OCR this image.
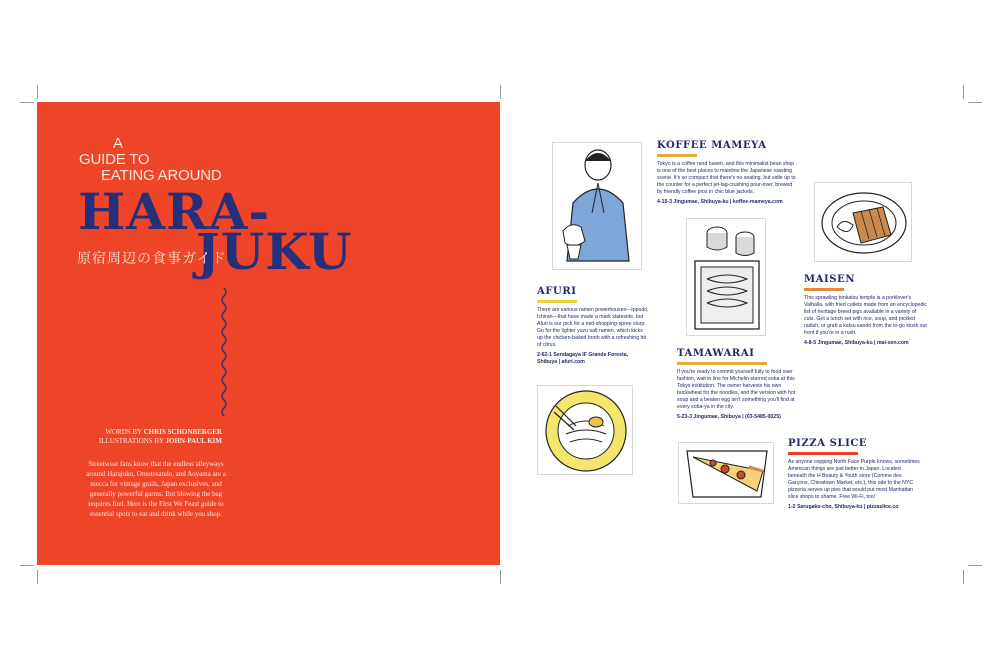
A
GUIDE TO
EATING AROUND
HARA-
JUKU
原宿周辺の食事ガイド
WORDS BY CHRIS SCHONBERGER
ILLUSTRATIONS BY JOHN-PAUL KIM
Streetwear fans know that the endless alleyways around Harajuku, Omotesando, and Aoyama are a mecca for vintage grails, Japan exclusives, and generally powerful garms. But blowing the bag requires fuel. Here is the First We Feast guide to essential spots to eat and drink while you shop.
KOFFEE MAMEYA

Tokyo is a coffee nerd haven, and this minimalist bean shop is one of the best places to mainline the Japanese roasting scene. It's so compact that there's no seating, but sidle up to the counter for a perfect jet-lag-crushing pour-over, brewed by friendly coffee pros in chic blue jackets.

4-15-3 Jingumae, Shibuya-ku | koffee-mameya.com
AFURI

There are various ramen powerhouses—Ippudo, Ichiran—that have made a mark stateside, but Afuri is our pick for a mid-shopping-spree slurp. Go for the lighter yuzu salt ramen, which kicks up the chicken-based broth with a refreshing hit of citrus.

2-62-1 Sendagaya IF Grande Foresta, Shibuya | afuri.com
MAISEN

This sprawling tonkatsu temple is a porklover's Valhalla, with fried cutlets made from an encyclopedic list of heritage breed pigs available in a variety of cuts. Get a lunch set with rice, soup, and pickled radish, or grab a katsu sando from the to-go kiosk out front if you're in a rush.

4-8-5 Jingumae, Shibuya-ku | mai-sen.com
TAMAWARAI

If you're ready to commit yourself fully to food over fashion, wait in line for Michelin-starred soba at this Tokyo institution. The owner harvests his own buckwheat for the noodles, and the version with hot soup and a beaten egg isn't something you'll find at every soba-ya in the city.

5-23-3 Jingumae, Shibuya | (03-5485-0025)
PIZZA SLICE

As anyone copping North Face Purple knows, sometimes American things are just better in Japan. Located beneath the H Beauty & Youth store (Comme des Garçons, Chinatown Market, etc.), this ode to the NYC pizzeria serves up pies that would put most Manhattan slice shops to shame. Free Wi-Fi, too!

1-2 Sarugaku-cho, Shibuya-ku | pizzaslice.co
